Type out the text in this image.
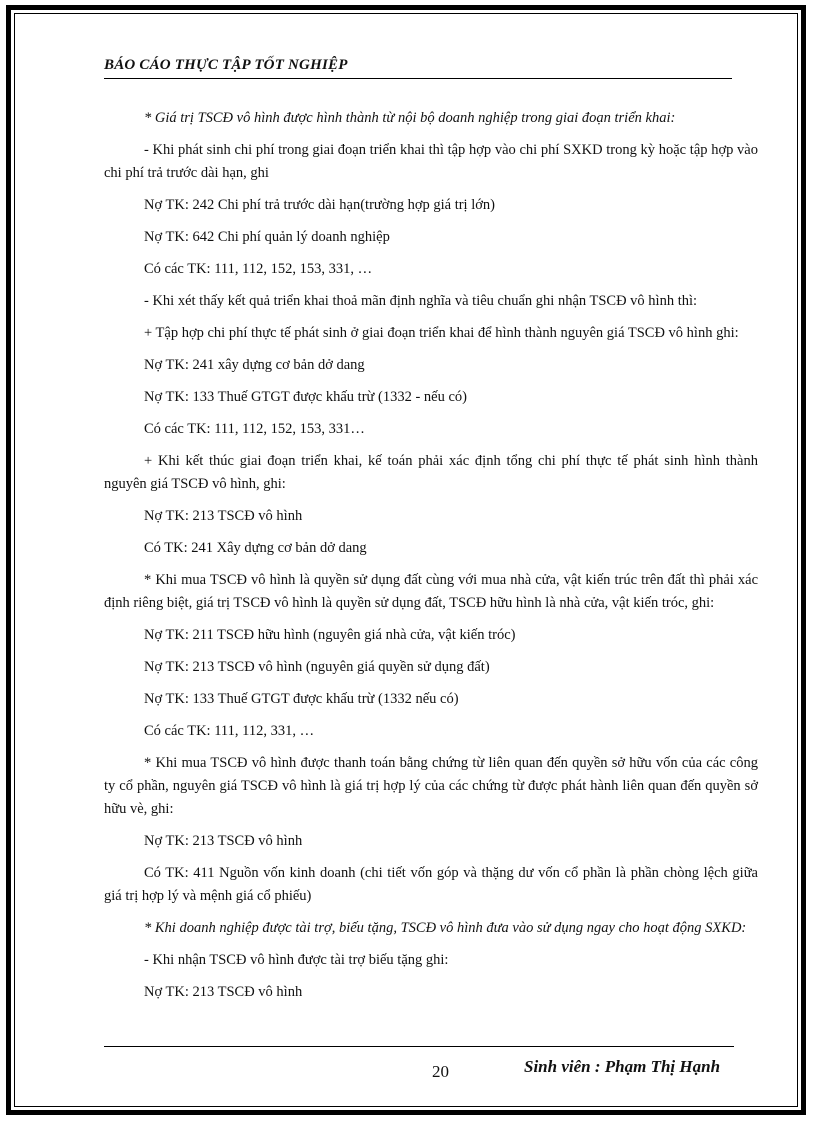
BÁO CÁO THỰC TẬP TỐT NGHIỆP

* Giá trị TSCĐ vô hình được hình thành từ nội bộ doanh nghiệp trong giai đoạn triển khai:

- Khi phát sinh chi phí trong giai đoạn triển khai thì tập hợp vào chi phí SXKD trong kỳ hoặc tập hợp vào chi phí trả trước dài hạn, ghi

Nợ TK: 242 Chi phí trả trước dài hạn(trường hợp giá trị lớn)

Nợ TK: 642 Chi phí quản lý doanh nghiệp

Có các TK: 111, 112, 152, 153, 331, …

- Khi xét thấy kết quả triển khai thoả mãn định nghĩa và tiêu chuẩn ghi nhận TSCĐ vô hình thì:

+ Tập hợp chi phí thực tế phát sinh ở giai đoạn triển khai để hình thành nguyên giá TSCĐ vô hình ghi:

Nợ TK: 241 xây dựng cơ bản dở dang

Nợ TK: 133 Thuế GTGT được khấu trừ (1332 - nếu có)

Có các TK: 111, 112, 152, 153, 331…

+ Khi kết thúc giai đoạn triển khai, kế toán phải xác định tổng chi phí thực tế phát sinh hình thành nguyên giá TSCĐ vô hình, ghi:

Nợ TK: 213 TSCĐ vô hình

Có TK: 241 Xây dựng cơ bản dở dang

* Khi mua TSCĐ vô hình là quyền sử dụng đất cùng với mua nhà cửa, vật kiến trúc trên đất thì phải xác định riêng biệt, giá trị TSCĐ vô hình là quyền sử dụng đất, TSCĐ hữu hình là nhà cửa, vật kiến tróc, ghi:

Nợ TK: 211 TSCĐ hữu hình (nguyên giá nhà cửa, vật kiến tróc)

Nợ TK: 213 TSCĐ vô hình (nguyên giá quyền sử dụng đất)

Nợ TK: 133 Thuế GTGT được khấu trừ (1332 nếu có)

Có các TK: 111, 112, 331, …

* Khi mua TSCĐ vô hình được thanh toán bằng chứng từ liên quan đến quyền sở hữu vốn của các công ty cổ phần, nguyên giá TSCĐ vô hình là giá trị hợp lý của các chứng từ được phát hành liên quan đến quyền sở hữu vè, ghi:

Nợ TK: 213 TSCĐ vô hình

Có TK: 411 Nguồn vốn kinh doanh (chi tiết vốn góp và thặng dư vốn cổ phần là phần chòng lệch giữa giá trị hợp lý và mệnh giá cổ phiếu)

* Khi doanh nghiệp được tài trợ, biếu tặng, TSCĐ vô hình đưa vào sử dụng ngay cho hoạt động SXKD:

- Khi nhận TSCĐ vô hình được tài trợ biếu tặng ghi:

Nợ TK: 213 TSCĐ vô hình

20	Sinh viên : Phạm Thị Hạnh
